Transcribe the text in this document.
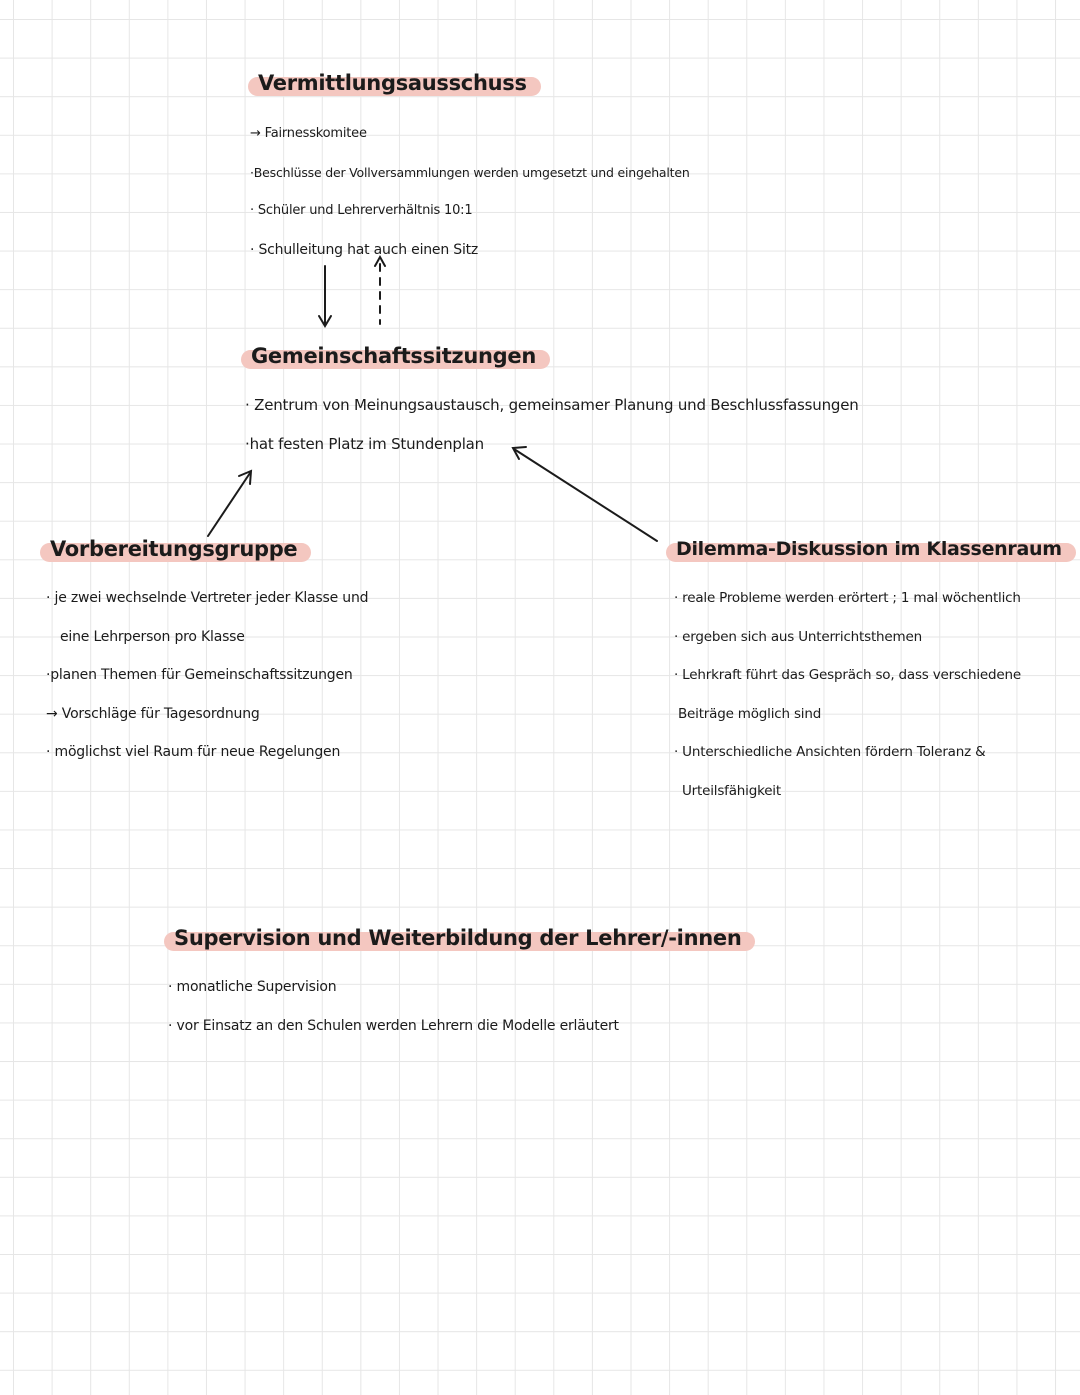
Vermittlungsausschuss
→ Fairnesskomitee
·Beschlüsse der Vollversammlungen werden umgesetzt und eingehalten
· Schüler und Lehrerverhältnis 10:1
· Schulleitung hat auch einen Sitz
Gemeinschaftssitzungen
· Zentrum von Meinungsaustausch, gemeinsamer Planung und Beschlussfassungen
·hat festen Platz im Stundenplan
Vorbereitungsgruppe
· je zwei wechselnde Vertreter jeder Klasse und
eine Lehrperson pro Klasse
·planen Themen für Gemeinschaftssitzungen
→ Vorschläge für Tagesordnung
· möglichst viel Raum für neue Regelungen
Dilemma-Diskussion im Klassenraum
· reale Probleme werden erörtert ; 1 mal wöchentlich
· ergeben sich aus Unterrichtsthemen
· Lehrkraft führt das Gespräch so, dass verschiedene
Beiträge möglich sind
· Unterschiedliche Ansichten fördern Toleranz &
Urteilsfähigkeit
Supervision und Weiterbildung der Lehrer/-innen
· monatliche Supervision
· vor Einsatz an den Schulen werden Lehrern die Modelle erläutert
